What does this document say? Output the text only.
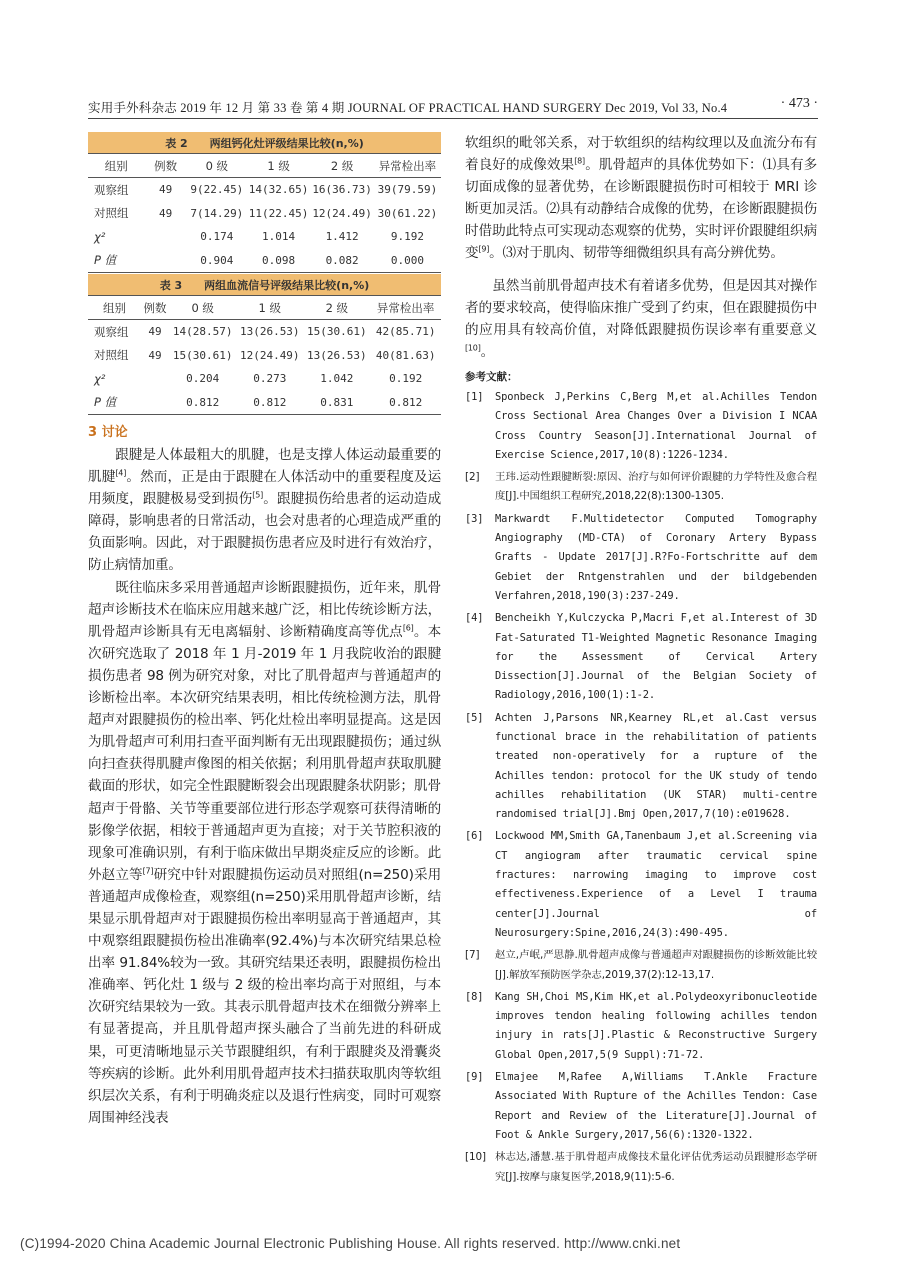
实用手外科杂志 2019 年 12 月 第 33 卷 第 4 期 JOURNAL OF PRACTICAL HAND SURGERY Dec 2019, Vol 33, No.4	· 473 ·
表 2　　两组钙化灶评级结果比较(n,%)					
组别	例数	0 级	1 级	2 级	异常检出率
观察组	49	9(22.45)	14(32.65)	16(36.73)	39(79.59)
对照组	49	7(14.29)	11(22.45)	12(24.49)	30(61.22)
χ²		0.174	1.014	1.412	9.192
P 值		0.904	0.098	0.082	0.000
表 3　　两组血流信号评级结果比较(n,%)					
组别	例数	0 级	1 级	2 级	异常检出率
观察组	49	14(28.57)	13(26.53)	15(30.61)	42(85.71)
对照组	49	15(30.61)	12(24.49)	13(26.53)	40(81.63)
χ²		0.204	0.273	1.042	0.192
P 值		0.812	0.812	0.831	0.812
3 讨论

跟腱是人体最粗大的肌腱，也是支撑人体运动最重要的肌腱[4]。然而，正是由于跟腱在人体活动中的重要程度及运用频度，跟腱极易受到损伤[5]。跟腱损伤给患者的运动造成障碍，影响患者的日常活动，也会对患者的心理造成严重的负面影响。因此，对于跟腱损伤患者应及时进行有效治疗，防止病情加重。

既往临床多采用普通超声诊断跟腱损伤，近年来，肌骨超声诊断技术在临床应用越来越广泛，相比传统诊断方法，肌骨超声诊断具有无电离辐射、诊断精确度高等优点[6]。本次研究选取了 2018 年 1 月-2019 年 1 月我院收治的跟腱损伤患者 98 例为研究对象，对比了肌骨超声与普通超声的诊断检出率。本次研究结果表明，相比传统检测方法，肌骨超声对跟腱损伤的检出率、钙化灶检出率明显提高。这是因为肌骨超声可利用扫查平面判断有无出现跟腱损伤；通过纵向扫查获得肌腱声像图的相关依据；利用肌骨超声获取肌腱截面的形状，如完全性跟腱断裂会出现跟腱条状阴影；肌骨超声于骨骼、关节等重要部位进行形态学观察可获得清晰的影像学依据，相较于普通超声更为直接；对于关节腔积液的现象可准确识别，有利于临床做出早期炎症反应的诊断。此外赵立等[7]研究中针对跟腱损伤运动员对照组(n=250)采用普通超声成像检查，观察组(n=250)采用肌骨超声诊断，结果显示肌骨超声对于跟腱损伤检出率明显高于普通超声，其中观察组跟腱损伤检出准确率(92.4%)与本次研究结果总检出率 91.84%较为一致。其研究结果还表明，跟腱损伤检出准确率、钙化灶 1 级与 2 级的检出率均高于对照组，与本次研究结果较为一致。其表示肌骨超声技术在细微分辨率上有显著提高，并且肌骨超声探头融合了当前先进的科研成果，可更清晰地显示关节跟腱组织，有利于跟腱炎及滑囊炎等疾病的诊断。此外利用肌骨超声技术扫描获取肌肉等软组织层次关系，有利于明确炎症以及退行性病变，同时可观察周围神经浅表

软组织的毗邻关系，对于软组织的结构纹理以及血流分布有着良好的成像效果[8]。肌骨超声的具体优势如下：⑴具有多切面成像的显著优势，在诊断跟腱损伤时可相较于 MRI 诊断更加灵活。⑵具有动静结合成像的优势，在诊断跟腱损伤时借助此特点可实现动态观察的优势，实时评价跟腱组织病变[9]。⑶对于肌肉、韧带等细微组织具有高分辨优势。

虽然当前肌骨超声技术有着诸多优势，但是因其对操作者的要求较高，使得临床推广受到了约束，但在跟腱损伤中的应用具有较高价值，对降低跟腱损伤误诊率有重要意义[10]。

参考文献：
[1] Sponbeck J,Perkins C,Berg M,et al.Achilles Tendon Cross Sectional Area Changes Over a Division I NCAA Cross Country Season[J].International Journal of Exercise Science,2017,10(8):1226-1234.
[2] 王玮.运动性跟腱断裂:原因、治疗与如何评价跟腱的力学特性及愈合程度[J].中国组织工程研究,2018,22(8):1300-1305.
[3] Markwardt F.Multidetector Computed Tomography Angiography (MD-CTA) of Coronary Artery Bypass Grafts - Update 2017[J].R?Fo-Fortschritte auf dem Gebiet der Rntgenstrahlen und der bildgebenden Verfahren,2018,190(3):237-249.
[4] Bencheikh Y,Kulczycka P,Macri F,et al.Interest of 3D Fat-Saturated T1-Weighted Magnetic Resonance Imaging for the Assessment of Cervical Artery Dissection[J].Journal of the Belgian Society of Radiology,2016,100(1):1-2.
[5] Achten J,Parsons NR,Kearney RL,et al.Cast versus functional brace in the rehabilitation of patients treated non-operatively for a rupture of the Achilles tendon: protocol for the UK study of tendo achilles rehabilitation (UK STAR) multi-centre randomised trial[J].Bmj Open,2017,7(10):e019628.
[6] Lockwood MM,Smith GA,Tanenbaum J,et al.Screening via CT angiogram after traumatic cervical spine fractures: narrowing imaging to improve cost effectiveness.Experience of a Level I trauma center[J].Journal of Neurosurgery:Spine,2016,24(3):490-495.
[7] 赵立,卢岷,严思静.肌骨超声成像与普通超声对跟腱损伤的诊断效能比较[J].解放军预防医学杂志,2019,37(2):12-13,17.
[8] Kang SH,Choi MS,Kim HK,et al.Polydeoxyribonucleotide improves tendon healing following achilles tendon injury in rats[J].Plastic & Reconstructive Surgery Global Open,2017,5(9 Suppl):71-72.
[9] Elmajee M,Rafee A,Williams T.Ankle Fracture Associated With Rupture of the Achilles Tendon: Case Report and Review of the Literature[J].Journal of Foot & Ankle Surgery,2017,56(6):1320-1322.
[10] 林志达,潘慧.基于肌骨超声成像技术量化评估优秀运动员跟腱形态学研究[J].按摩与康复医学,2018,9(11):5-6.
(C)1994-2020 China Academic Journal Electronic Publishing House. All rights reserved. http://www.cnki.net
